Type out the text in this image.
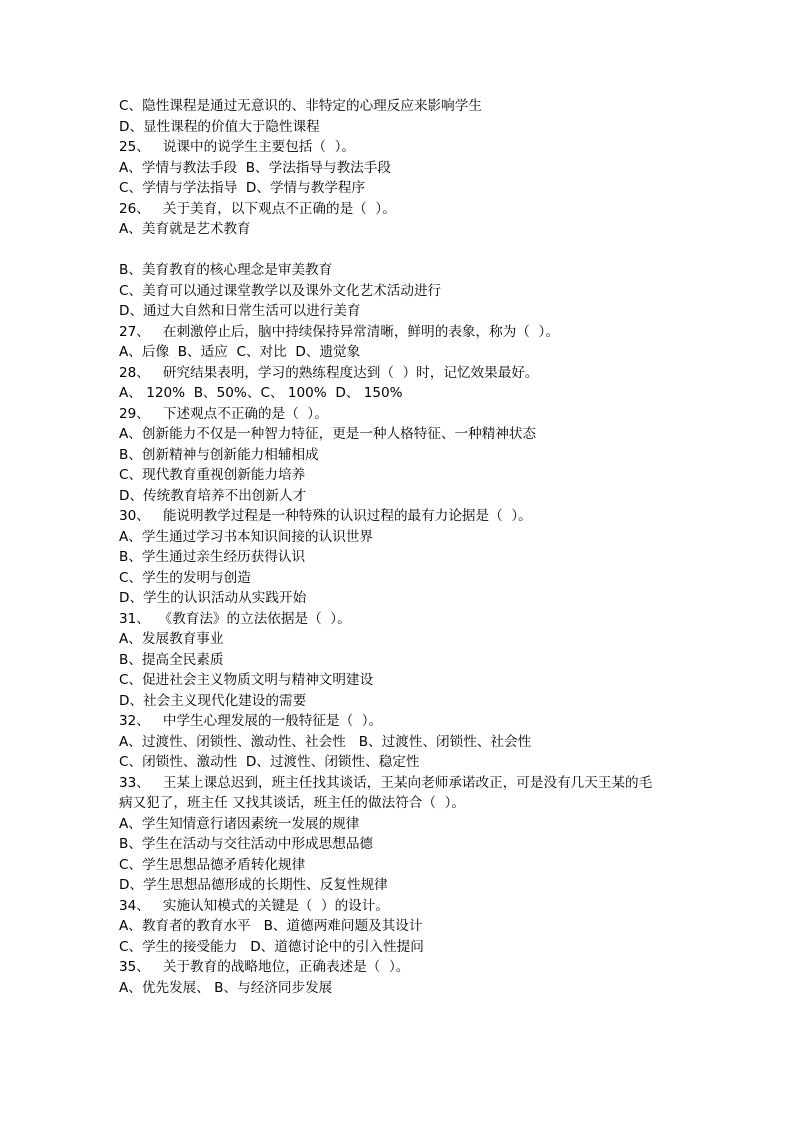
C、隐性课程是通过无意识的、非特定的心理反应来影响学生
D、显性课程的价值大于隐性课程
25、   说课中的说学生主要包括（  ）。
A、学情与教法手段  B、学法指导与教法手段
C、学情与学法指导  D、学情与教学程序
26、   关于美育，以下观点不正确的是（  ）。
A、美育就是艺术教育
B、美育教育的核心理念是审美教育
C、美育可以通过课堂教学以及课外文化艺术活动进行
D、通过大自然和日常生活可以进行美育
27、   在刺激停止后，脑中持续保持异常清晰，鲜明的表象，称为（  ）。
A、后像  B、适应  C、对比  D、遗觉象
28、   研究结果表明，学习的熟练程度达到（  ）时，记忆效果最好。
A、 120%  B、50%、C、 100%  D、 150%
29、   下述观点不正确的是（  ）。
A、创新能力不仅是一种智力特征，更是一种人格特征、一种精神状态
B、创新精神与创新能力相辅相成
C、现代教育重视创新能力培养
D、传统教育培养不出创新人才
30、   能说明教学过程是一种特殊的认识过程的最有力论据是（  ）。
A、学生通过学习书本知识间接的认识世界
B、学生通过亲生经历获得认识
C、学生的发明与创造
D、学生的认识活动从实践开始
31、  《教育法》的立法依据是（  ）。
A、发展教育事业
B、提高全民素质
C、促进社会主义物质文明与精神文明建设
D、社会主义现代化建设的需要
32、   中学生心理发展的一般特征是（  ）。
A、过渡性、闭锁性、激动性、社会性   B、过渡性、闭锁性、社会性
C、闭锁性、激动性  D、过渡性、闭锁性、稳定性
33、   王某上课总迟到，班主任找其谈话，王某向老师承诺改正，可是没有几天王某的毛
病又犯了，班主任 又找其谈话，班主任的做法符合（  ）。
A、学生知情意行诸因素统一发展的规律
B、学生在活动与交往活动中形成思想品德
C、学生思想品德矛盾转化规律
D、学生思想品德形成的长期性、反复性规律
34、   实施认知模式的关键是（  ）的设计。
A、教育者的教育水平   B、道德两难问题及其设计
C、学生的接受能力   D、道德讨论中的引入性提问
35、   关于教育的战略地位，正确表述是（  ）。
A、优先发展、 B、与经济同步发展
